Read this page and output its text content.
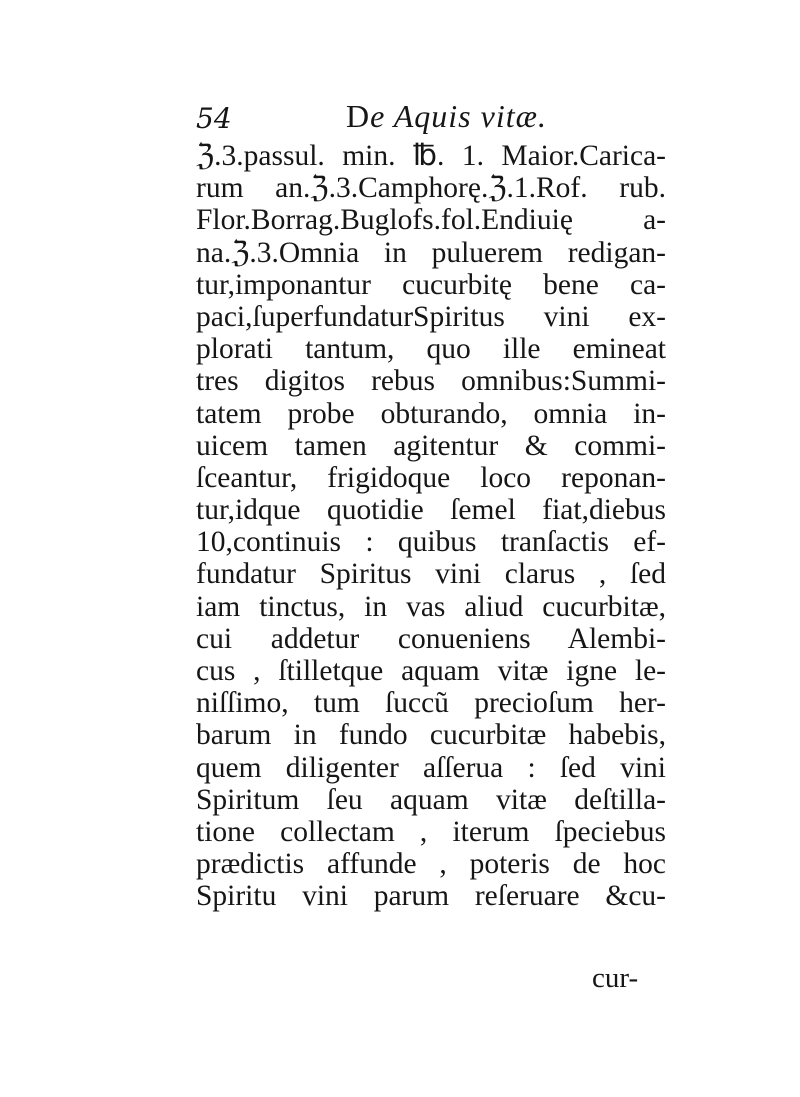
54	De Aquis vitæ.
ℨ.3.passul. min. ℔. 1. Maior.Carica-
rum an.ℨ.3.Camphorę.ℨ.1.Rof. rub.
Flor.Borrag.Buglofs.fol.Endiuię a-
na.ℨ.3.Omnia in puluerem redigan-
tur,imponantur cucurbitę bene ca-
paci,ſuperfundaturSpiritus vini ex-
plorati tantum, quo ille emineat
tres digitos rebus omnibus:Summi-
tatem probe obturando, omnia in-
uicem tamen agitentur & commi-
ſceantur, frigidoque loco reponan-
tur,idque quotidie ſemel fiat,diebus
10,continuis : quibus tranſactis ef-
fundatur Spiritus vini clarus , ſed
iam tinctus, in vas aliud cucurbitæ,
cui addetur conueniens Alembi-
cus , ſtilletque aquam vitæ igne le-
niſſimo, tum ſuccũ precioſum her-
barum in fundo cucurbitæ habebis,
quem diligenter aſſerua : ſed vini
Spiritum ſeu aquam vitæ deſtilla-
tione collectam , iterum ſpeciebus
prædictis affunde , poteris de hoc
Spiritu vini parum reſeruare &cu-
cur-
